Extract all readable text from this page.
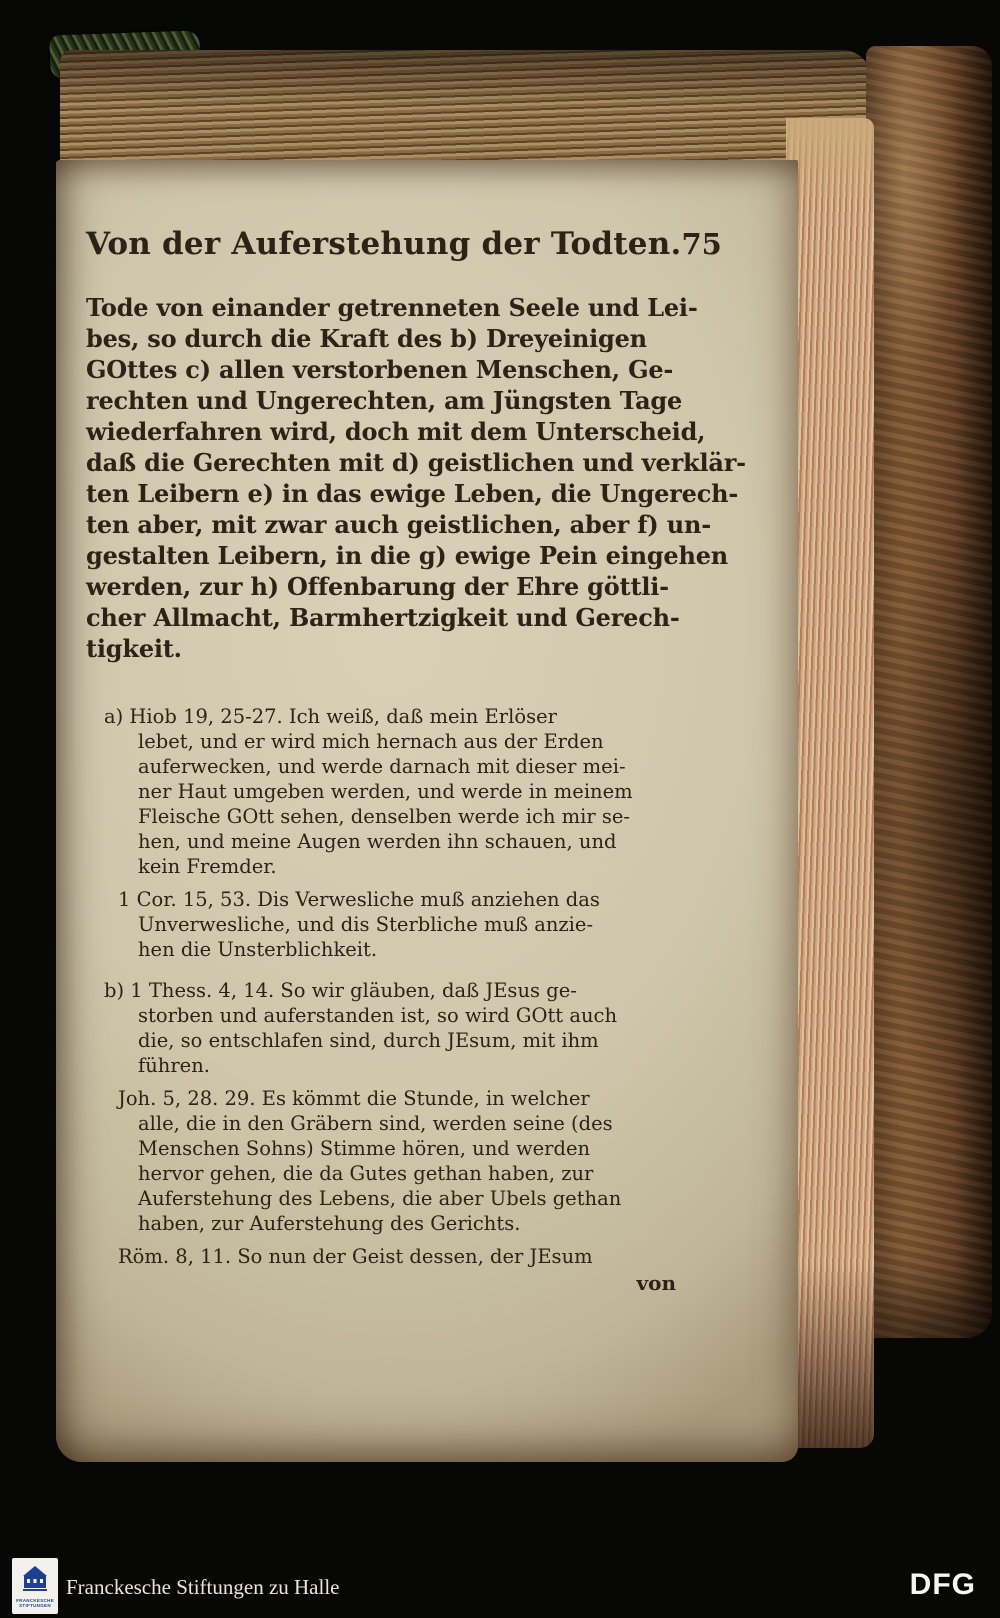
Von der Auferstehung der Todten. 75
Tode von einander getrenneten Seele und Lei-
bes, so durch die Kraft des b) Dreyeinigen
GOttes c) allen verstorbenen Menschen, Ge-
rechten und Ungerechten, am Jüngsten Tage
wiederfahren wird, doch mit dem Unterscheid,
daß die Gerechten mit d) geistlichen und verklär-
ten Leibern e) in das ewige Leben, die Ungerech-
ten aber, mit zwar auch geistlichen, aber f) un-
gestalten Leibern, in die g) ewige Pein eingehen
werden, zur h) Offenbarung der Ehre göttli-
cher Allmacht, Barmhertzigkeit und Gerech-
tigkeit.
a) Hiob 19, 25-27. Ich weiß, daß mein Erlöser
lebet, und er wird mich hernach aus der Erden
auferwecken, und werde darnach mit dieser mei-
ner Haut umgeben werden, und werde in meinem
Fleische GOtt sehen, denselben werde ich mir se-
hen, und meine Augen werden ihn schauen, und
kein Fremder.
1 Cor. 15, 53. Dis Verwesliche muß anziehen das
Unverwesliche, und dis Sterbliche muß anzie-
hen die Unsterblichkeit.
b) 1 Thess. 4, 14. So wir gläuben, daß JEsus ge-
storben und auferstanden ist, so wird GOtt auch
die, so entschlafen sind, durch JEsum, mit ihm
führen.
Joh. 5, 28. 29. Es kömmt die Stunde, in welcher
alle, die in den Gräbern sind, werden seine (des
Menschen Sohns) Stimme hören, und werden
hervor gehen, die da Gutes gethan haben, zur
Auferstehung des Lebens, die aber Ubels gethan
haben, zur Auferstehung des Gerichts.
Röm. 8, 11. So nun der Geist dessen, der JEsum
von
FRANCKESCHE
STIFTUNGEN
Franckesche Stiftungen zu Halle	DFG
